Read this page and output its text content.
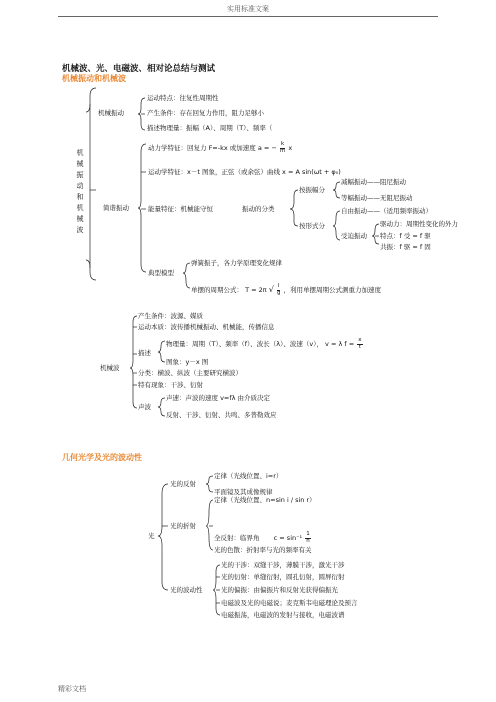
实用标准文案
机械波、光、电磁波、相对论总结与测试
机械振动和机械波
机械振动和机械波
机械振动
运动特点：往复性周期性
产生条件：存在回复力作用，阻力足够小
描述物理量：振幅（A）、周期（T）、频率（
简谐振动
动力学特征：回复力 F=-kx 或加速度 a = − $\frac{k}{m}$ x
运动学特征：x－t 图象，正弦（或余弦）曲线 x = A sin(ωt + φ₀)
能量特征：机械能守恒	振动的分类
按振幅分
减幅振动——阻尼振动
等幅振动——无阻尼振动
按形式分
自由振动——（适用频率振动）
受迫振动
驱动力：周期性变化的外力
特点：f 受 = f 驱
共振：f 驱 = f 固
典型模型
弹簧振子，各力学原理变化规律
单摆的周期公式： T = 2π √ $\frac{l}{g}$ ，利用单摆周期公式测重力加速度
机械波
产生条件：波源、媒质
运动本质：波传播机械振动、机械能，传播信息
描述
物理量：周期（T）、频率（f）、波长（λ）、波速（v）， v = λ $f = \frac{x}{t}$
图象：y－x 图
分类：横波、纵波（主要研究横波）
特有现象：干涉、衍射
声波
声速：声波的速度 v=fλ 由介质决定
反射、干涉、衍射、共鸣、多普勒效应
几何光学及光的波动性
光
光的反射
定律（光线位置、i=r）
平面镜及其成像规律
光的折射
定律（光线位置、n=sin i / sin r）
全反射：临界角 $c = \sin^{-1} \frac{1}{n}$
光的色散：折射率与光的频率有关
光的波动性
光的干涉：双缝干涉，薄膜干涉，激光干涉
光的衍射：单缝衍射，圆孔衍射，圆屏衍射
光的偏振：由偏振片和反射光获得偏振光
电磁波及光的电磁说；麦克斯韦电磁理论及预言
电磁振荡，电磁波的发射与接收，电磁波谱
精彩文档
